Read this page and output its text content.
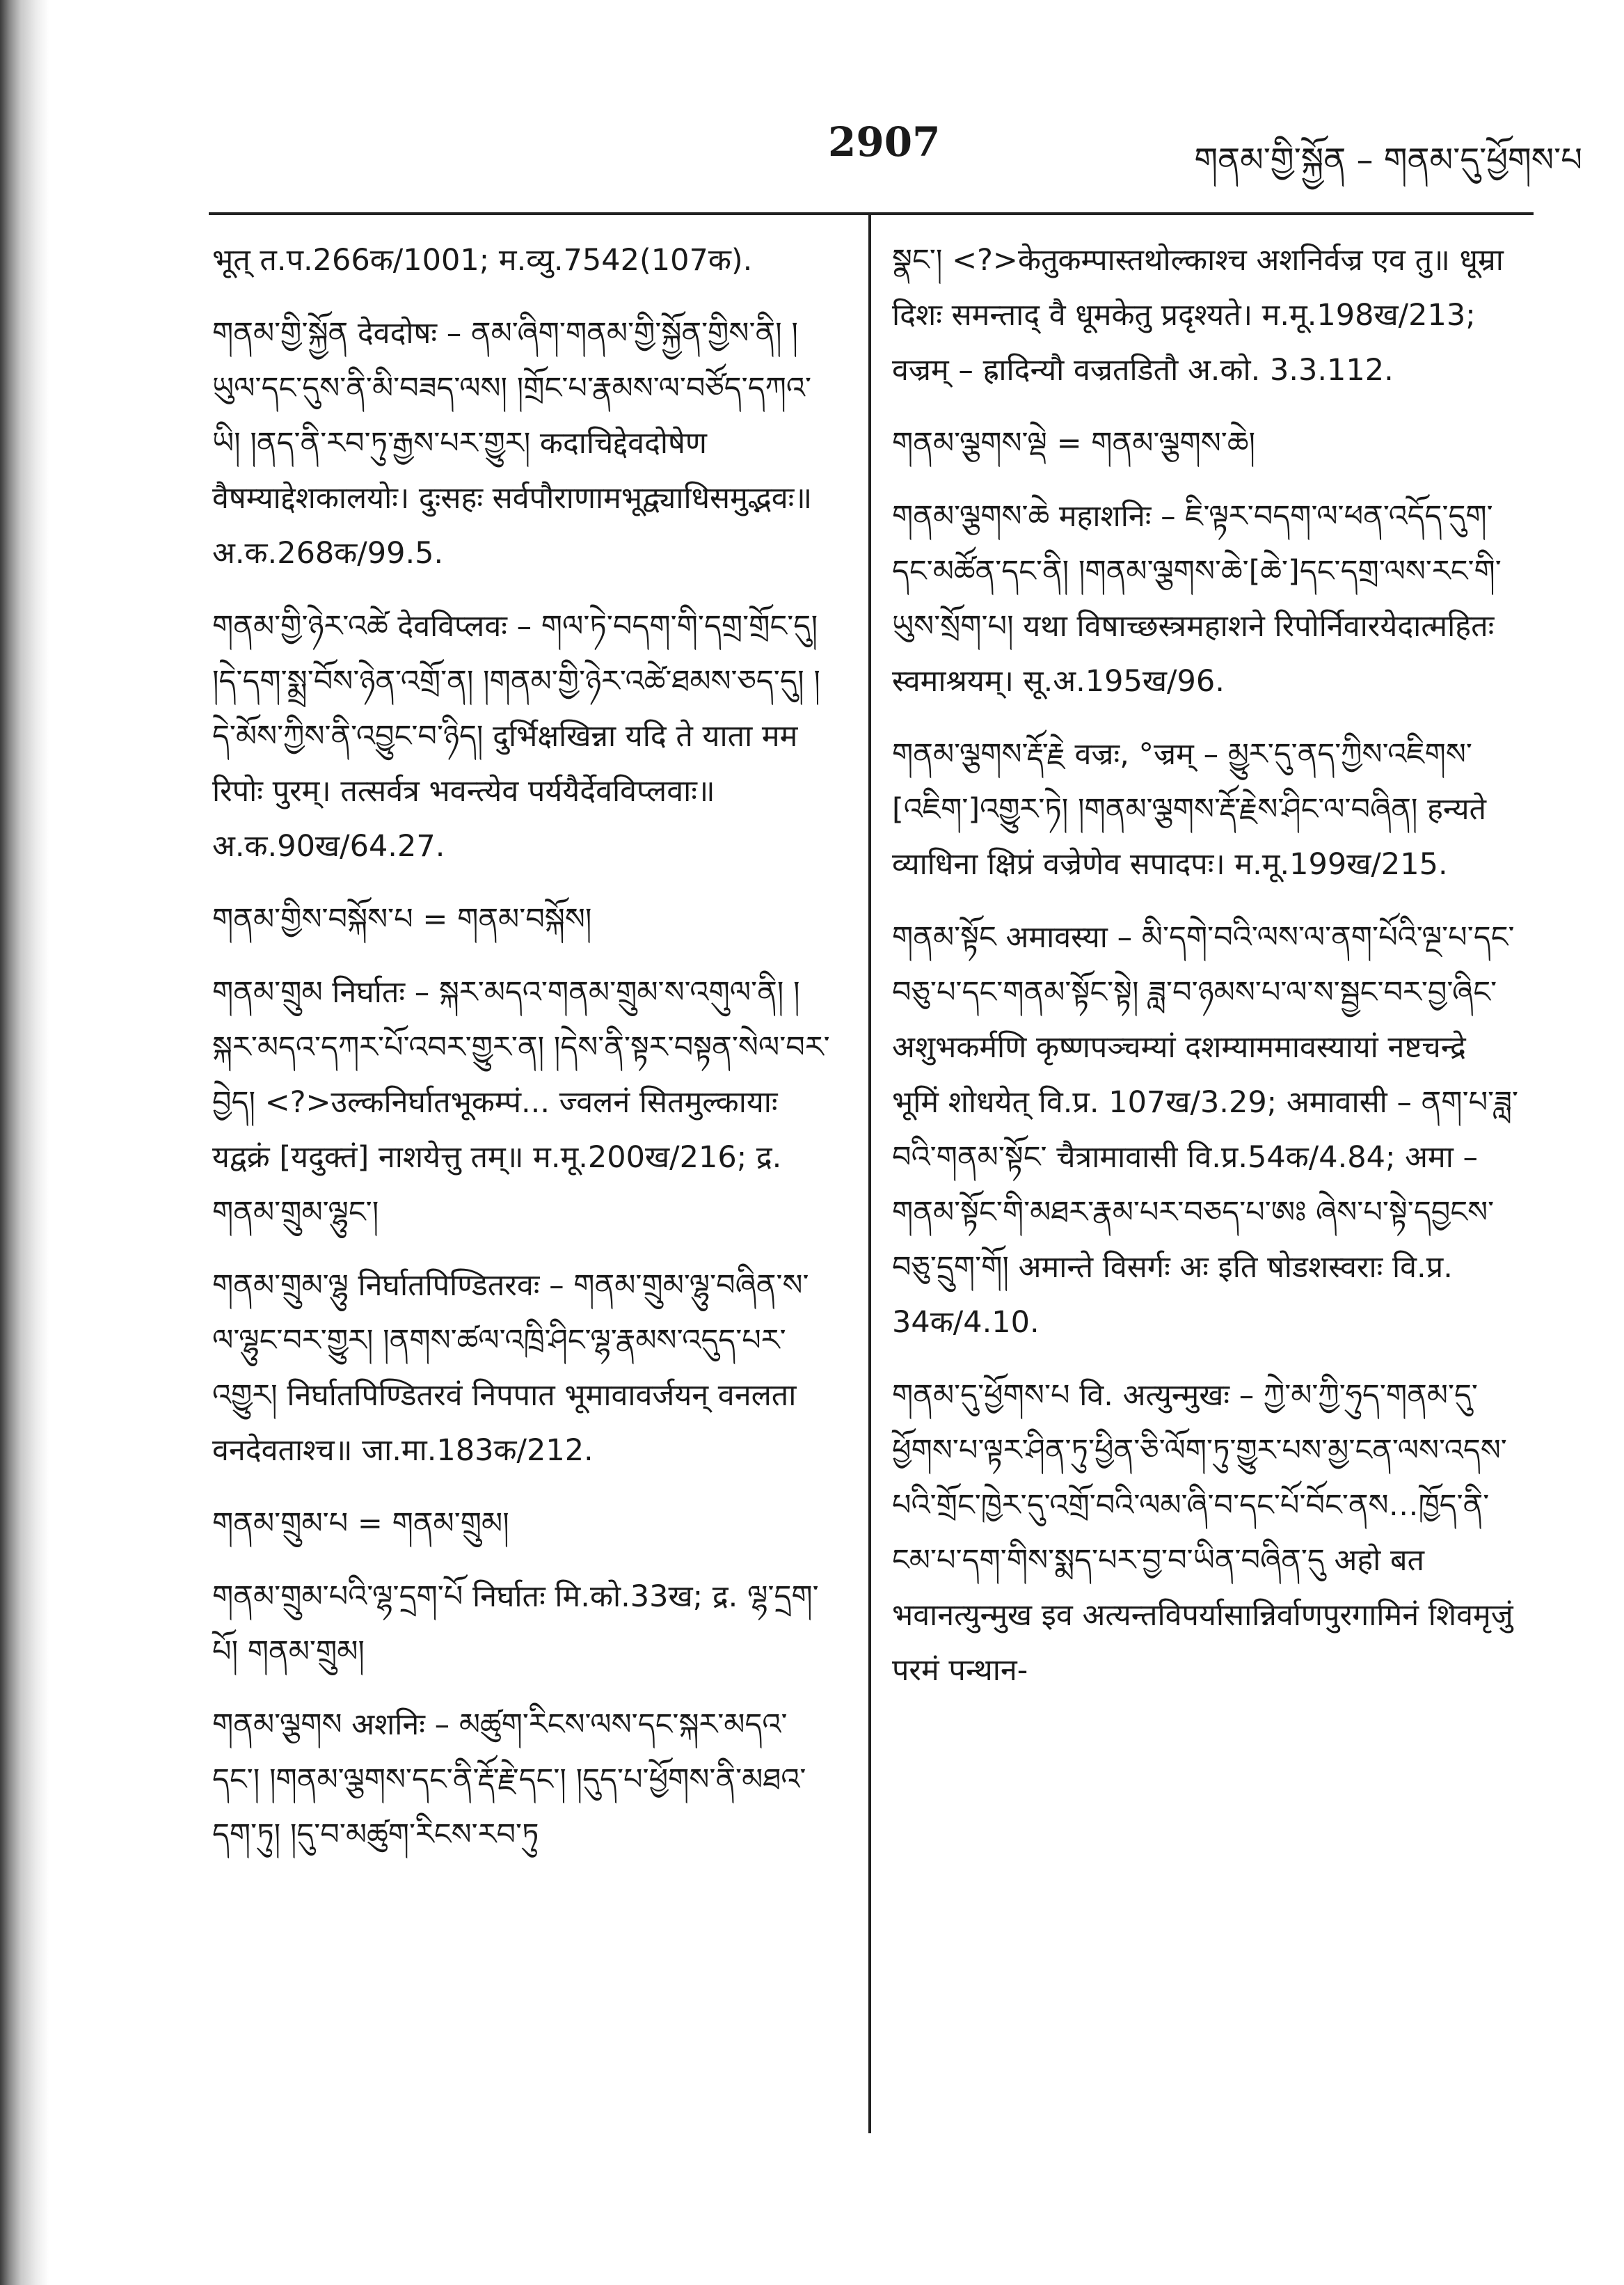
2907	གནམ་གྱི་སྐྱོན – གནམ་དུ་ཕྱོགས་པ

भूत् त.प.266क/1001; म.व्यु.7542(107क).

གནམ་གྱི་སྐྱོན देवदोषः – ནམ་ཞིག་གནམ་གྱི་སྐྱོན་གྱིས་ནི། །ཡུལ་དང་དུས་ནི་མི་བཟད་ལས། །གྲོང་པ་རྣམས་ལ་བཙོད་དཀའ་ཡི། །ནད་ནི་རབ་ཏུ་རྒྱས་པར་གྱུར། कदाचिद्देवदोषेण वैषम्याद्देशकालयोः। दुःसहः सर्वपौराणामभूद्व्याधिसमुद्भवः॥ अ.क.268क/99.5.

གནམ་གྱི་ཉེར་འཚེ देवविप्लवः – གལ་ཏེ་བདག་གི་དགྲ་གྲོང་དུ། །དེ་དག་སྨྲ་བོས་ཉེན་འགྲོ་ན། །གནམ་གྱི་ཉེར་འཚེ་ཐམས་ཅད་དུ། །དེ་མོས་ཀྱིས་ནི་འབྱུང་བ་ཉིད། दुर्भिक्षखिन्ना यदि ते याता मम रिपोः पुरम्। तत्सर्वत्र भवन्त्येव पर्ययैर्देवविप्लवाः॥ अ.क.90ख/64.27.

གནམ་གྱིས་བསྐོས་པ = གནམ་བསྐོས།

གནམ་གྲུམ निर्घातः – སྐར་མདའ་གནམ་གྲུམ་ས་འགུལ་ནི། །སྐར་མདའ་དཀར་པོ་འབར་གྱུར་ན། །དེས་ནི་སྟར་བསྟན་སེལ་བར་བྱེད། <?>उल्कनिर्घातभूकम्पं... ज्वलनं सितमुल्कायाः यद्वक्रं [यदुक्तं] नाशयेत्तु तम्॥ म.मू.200ख/216; द्र. གནམ་གྲུམ་ལྷུང་།

གནམ་གྲུམ་ལྷུ निर्घातपिण्डितरवः – གནམ་གྲུམ་ལྷུ་བཞིན་ས་ལ་ལྷུང་བར་གྱུར། །ནགས་ཚལ་འཁྲི་ཤིང་ལྷ་རྣམས་འདུད་པར་འགྱུར། निर्घातपिण्डितरवं निपपात भूमावावर्जयन् वनलता वनदेवताश्च॥ जा.मा.183क/212.

གནམ་གྲུམ་པ = གནམ་གྲུམ།

གནམ་གྲུམ་པའི་ལྷ་དྲག་པོ निर्घातः मि.को.33ख; द्र. ལྷ་དྲག་པོ། གནམ་གྲུམ།

གནམ་ལྕགས अशनिः – མཚུག་རིངས་ལས་དང་སྐར་མདའ་དང་། །གནམ་ལྕགས་དང་ནི་རྡོ་རྗེ་དང་། །དུད་པ་ཕྱོགས་ནི་མཐའ་དག་ཏུ། །དུ་བ་མཚུག་རིངས་རབ་ཏུ

སྣང་། <?>केतुकम्पास्तथोल्काश्च अशनिर्वज्र एव तु॥ धूम्रा दिशः समन्ताद् वै धूमकेतु प्रदृश्यते। म.मू.198ख/213; वज्रम् – ह्रादिन्यौ वज्रतडितौ अ.को. 3.3.112.

གནམ་ལྕགས་ལྡེ = གནམ་ལྕགས་ཆེ།

གནམ་ལྕགས་ཆེ महाशनिः – ཇི་ལྟར་བདག་ལ་ཕན་འདོད་དུག་དང་མཚོན་དང་ནི། །གནམ་ལྕགས་ཆེ་[ཆེ་]དང་དགྲ་ལས་རང་གི་ཡུས་སྲོག་པ། यथा विषाच्छस्त्रमहाशने रिपोर्निवारयेदात्महितः स्वमाश्रयम्। सू.अ.195ख/96.

གནམ་ལྕགས་རྡོ་རྗེ वज्रः, °ज्रम् – མྱུར་དུ་ནད་ཀྱིས་འཇིགས་[འཇིག་]འགྱུར་ཏེ། །གནམ་ལྕགས་རྡོ་རྗེས་ཤིང་ལ་བཞིན། हन्यते व्याधिना क्षिप्रं वज्रेणेव सपादपः। म.मू.199ख/215.

གནམ་སྟོང अमावस्या – མི་དགེ་བའི་ལས་ལ་ནག་པོའི་ལྔ་པ་དང་བཅུ་པ་དང་གནམ་སྟོང་སྟེ། ཟླ་བ་ཉམས་པ་ལ་ས་སྦྱང་བར་བྱ་ཞིང་ अशुभकर्मणि कृष्णपञ्चम्यां दशम्याममावस्यायां नष्टचन्द्रे भूमिं शोधयेत् वि.प्र. 107ख/3.29; अमावासी – ནག་པ་ཟླ་བའི་གནམ་སྟོང་ चैत्रामावासी वि.प्र.54क/4.84; अमा – གནམ་སྟོང་གི་མཐར་རྣམ་པར་བཅད་པ་ཨཿ ཞེས་པ་སྟེ་དབྱངས་བཅུ་དྲུག་གོ། अमान्ते विसर्गः अः इति षोडशस्वराः वि.प्र. 34क/4.10.

གནམ་དུ་ཕྱོགས་པ वि. अत्युन्मुखः – ཀྱེ་མ་ཀྱི་ཧུད་གནམ་དུ་ཕྱོགས་པ་ལྟར་ཤིན་ཏུ་ཕྱིན་ཅི་ལོག་ཏུ་གྱུར་པས་མྱ་ངན་ལས་འདས་པའི་གྲོང་ཁྱེར་དུ་འགྲོ་བའི་ལམ་ཞི་བ་དང་པོ་བོང་ནས…ཁྱོད་ནི་ངམ་པ་དག་གིས་སྨད་པར་བྱ་བ་ཡིན་བཞིན་དུ अहो बत भवानत्युन्मुख इव अत्यन्तविपर्यासान्निर्वाणपुरगामिनं शिवमृजुं परमं पन्थान-
